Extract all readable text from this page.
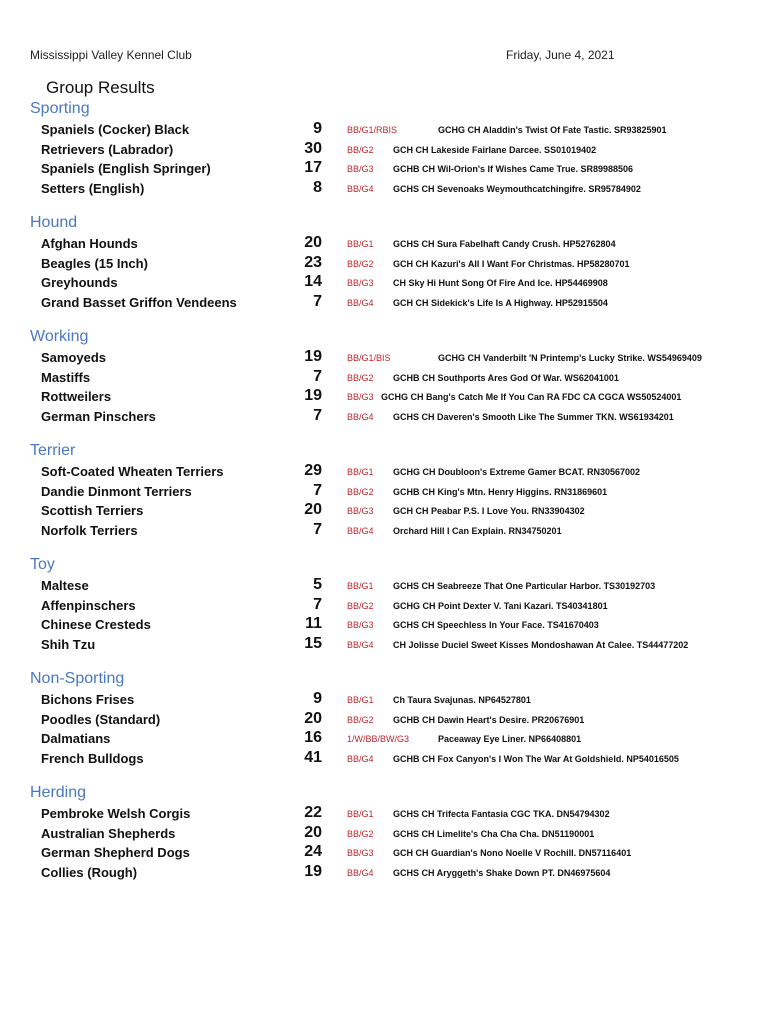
Mississippi Valley Kennel Club	Friday, June 4, 2021
Group Results
Sporting
Spaniels (Cocker) Black	9	BB/G1/RBIS	GCHG CH Aladdin's Twist Of Fate Tastic. SR93825901
Retrievers (Labrador)	30	BB/G2 GCH CH Lakeside Fairlane Darcee. SS01019402
Spaniels (English Springer)	17	BB/G3 GCHB CH Wil-Orion's If Wishes Came True. SR89988506
Setters (English)	8	BB/G4 GCHS CH Sevenoaks Weymouthcatchingifre. SR95784902
Hound
Afghan Hounds	20	BB/G1 GCHS CH Sura Fabelhaft Candy Crush. HP52762804
Beagles (15 Inch)	23	BB/G2 GCH CH Kazuri's All I Want For Christmas. HP58280701
Greyhounds	14	BB/G3 CH Sky Hi Hunt Song Of Fire And Ice. HP54469908
Grand Basset Griffon Vendeens	7	BB/G4 GCH CH Sidekick's Life Is A Highway. HP52915504
Working
Samoyeds	19	BB/G1/BIS	GCHG CH Vanderbilt 'N Printemp's Lucky Strike. WS54969409
Mastiffs	7	BB/G2 GCHB CH Southports Ares God Of War. WS62041001
Rottweilers	19	BB/G3 GCHG CH Bang's Catch Me If You Can RA FDC CA CGCA WS50524001
German Pinschers	7	BB/G4 GCHS CH Daveren's Smooth Like The Summer TKN. WS61934201
Terrier
Soft-Coated Wheaten Terriers	29	BB/G1 GCHG CH Doubloon's Extreme Gamer BCAT. RN30567002
Dandie Dinmont Terriers	7	BB/G2 GCHB CH King's Mtn. Henry Higgins. RN31869601
Scottish Terriers	20	BB/G3 GCH CH Peabar P.S. I Love You. RN33904302
Norfolk Terriers	7	BB/G4 Orchard Hill I Can Explain. RN34750201
Toy
Maltese	5	BB/G1 GCHS CH Seabreeze That One Particular Harbor. TS30192703
Affenpinschers	7	BB/G2 GCHG CH Point Dexter V. Tani Kazari. TS40341801
Chinese Cresteds	11	BB/G3 GCHS CH Speechless In Your Face. TS41670403
Shih Tzu	15	BB/G4 CH Jolisse Duciel Sweet Kisses Mondoshawan At Calee. TS44477202
Non-Sporting
Bichons Frises	9	BB/G1 Ch Taura Svajunas. NP64527801
Poodles (Standard)	20	BB/G2 GCHB CH Dawin Heart's Desire. PR20676901
Dalmatians	16	1/W/BB/BW/G3	Paceaway Eye Liner. NP66408801
French Bulldogs	41	BB/G4 GCHB CH Fox Canyon's I Won The War At Goldshield. NP54016505
Herding
Pembroke Welsh Corgis	22	BB/G1 GCHS CH Trifecta Fantasia CGC TKA. DN54794302
Australian Shepherds	20	BB/G2 GCHS CH Limelite's Cha Cha Cha. DN51190001
German Shepherd Dogs	24	BB/G3 GCH CH Guardian's Nono Noelle V Rochill. DN57116401
Collies (Rough)	19	BB/G4 GCHS CH Aryggeth's Shake Down PT. DN46975604
